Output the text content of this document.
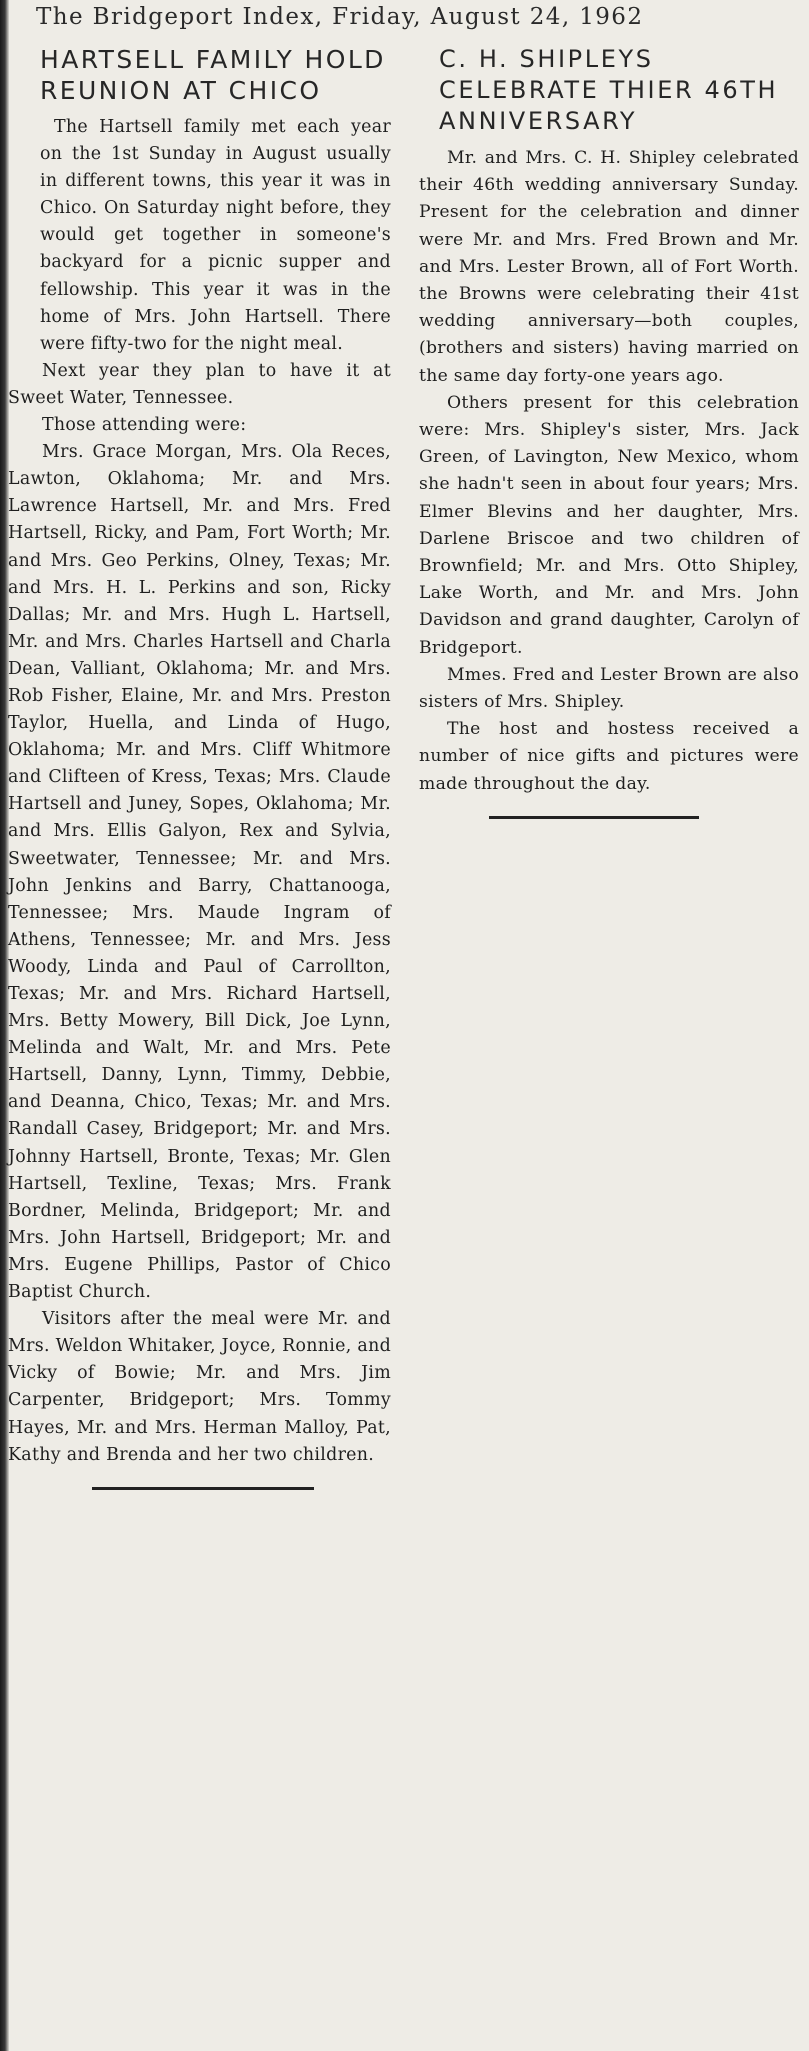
The Bridgeport Index, Friday, August 24, 1962
HARTSELL FAMILY HOLD REUNION AT CHICO

The Hartsell family met each year on the 1st Sunday in August usually in different towns, this year it was in Chico. On Saturday night before, they would get together in someone's backyard for a picnic supper and fellowship. This year it was in the home of Mrs. John Hartsell. There were fifty-two for the night meal.

Next year they plan to have it at Sweet Water, Tennessee.

Those attending were:

Mrs. Grace Morgan, Mrs. Ola Reces, Lawton, Oklahoma; Mr. and Mrs. Lawrence Hartsell, Mr. and Mrs. Fred Hartsell, Ricky, and Pam, Fort Worth; Mr. and Mrs. Geo Perkins, Olney, Texas; Mr. and Mrs. H. L. Perkins and son, Ricky Dallas; Mr. and Mrs. Hugh L. Hartsell, Mr. and Mrs. Charles Hartsell and Charla Dean, Valliant, Oklahoma; Mr. and Mrs. Rob Fisher, Elaine, Mr. and Mrs. Preston Taylor, Huella, and Linda of Hugo, Oklahoma; Mr. and Mrs. Cliff Whitmore and Clifteen of Kress, Texas; Mrs. Claude Hartsell and Juney, Sopes, Oklahoma; Mr. and Mrs. Ellis Galyon, Rex and Sylvia, Sweetwater, Tennessee; Mr. and Mrs. John Jenkins and Barry, Chattanooga, Tennessee; Mrs. Maude Ingram of Athens, Tennessee; Mr. and Mrs. Jess Woody, Linda and Paul of Carrollton, Texas; Mr. and Mrs. Richard Hartsell, Mrs. Betty Mowery, Bill Dick, Joe Lynn, Melinda and Walt, Mr. and Mrs. Pete Hartsell, Danny, Lynn, Timmy, Debbie, and Deanna, Chico, Texas; Mr. and Mrs. Randall Casey, Bridgeport; Mr. and Mrs. Johnny Hartsell, Bronte, Texas; Mr. Glen Hartsell, Texline, Texas; Mrs. Frank Bordner, Melinda, Bridgeport; Mr. and Mrs. John Hartsell, Bridgeport; Mr. and Mrs. Eugene Phillips, Pastor of Chico Baptist Church.

Visitors after the meal were Mr. and Mrs. Weldon Whitaker, Joyce, Ronnie, and Vicky of Bowie; Mr. and Mrs. Jim Carpenter, Bridgeport; Mrs. Tommy Hayes, Mr. and Mrs. Herman Malloy, Pat, Kathy and Brenda and her two children.

C. H. SHIPLEYS CELEBRATE THIER 46TH ANNIVERSARY

Mr. and Mrs. C. H. Shipley celebrated their 46th wedding anniversary Sunday. Present for the celebration and dinner were Mr. and Mrs. Fred Brown and Mr. and Mrs. Lester Brown, all of Fort Worth. the Browns were celebrating their 41st wedding anniversary—both couples, (brothers and sisters) having married on the same day forty-one years ago.

Others present for this celebration were: Mrs. Shipley's sister, Mrs. Jack Green, of Lavington, New Mexico, whom she hadn't seen in about four years; Mrs. Elmer Blevins and her daughter, Mrs. Darlene Briscoe and two children of Brownfield; Mr. and Mrs. Otto Shipley, Lake Worth, and Mr. and Mrs. John Davidson and grand daughter, Carolyn of Bridgeport.

Mmes. Fred and Lester Brown are also sisters of Mrs. Shipley.

The host and hostess received a number of nice gifts and pictures were made throughout the day.
